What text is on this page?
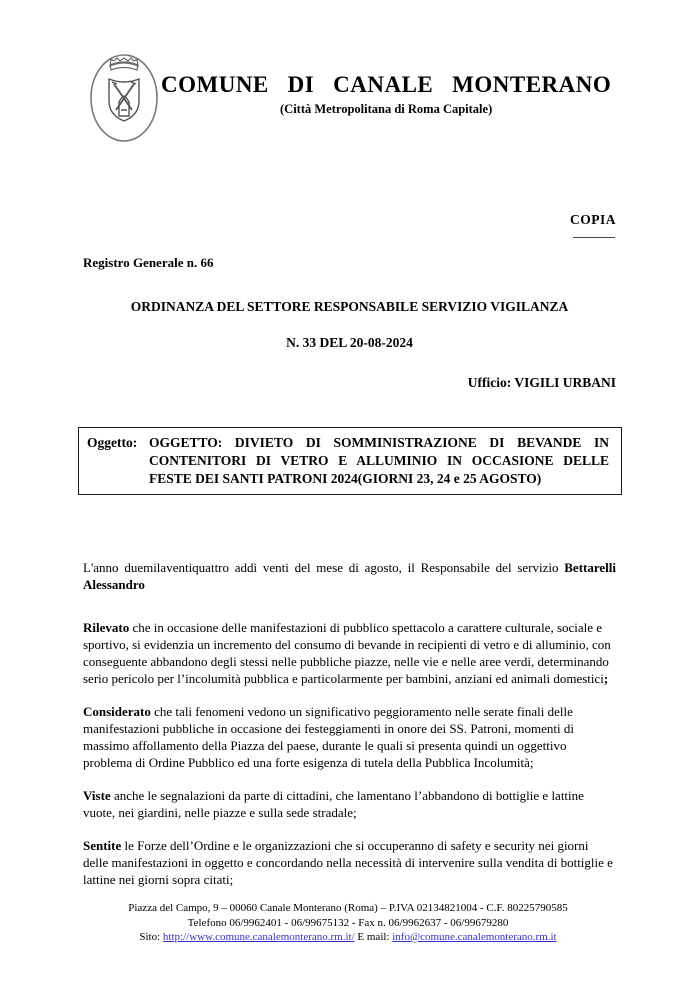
COMUNE DI CANALE MONTERANO
(Città Metropolitana di Roma Capitale)
COPIA
Registro Generale n. 66
ORDINANZA DEL SETTORE RESPONSABILE SERVIZIO VIGILANZA
N. 33 DEL 20-08-2024
Ufficio: VIGILI URBANI
Oggetto: OGGETTO: DIVIETO DI SOMMINISTRAZIONE DI BEVANDE IN CONTENITORI DI VETRO E ALLUMINIO IN OCCASIONE DELLE FESTE DEI SANTI PATRONI 2024(GIORNI 23, 24 e 25 AGOSTO)

L'anno duemilaventiquattro addì venti del mese di agosto, il Responsabile del servizio Bettarelli Alessandro

Rilevato che in occasione delle manifestazioni di pubblico spettacolo a carattere culturale, sociale e sportivo, si evidenzia un incremento del consumo di bevande in recipienti di vetro e di alluminio, con conseguente abbandono degli stessi nelle pubbliche piazze, nelle vie e nelle aree verdi, determinando serio pericolo per l’incolumità pubblica e particolarmente per bambini, anziani ed animali domestici;

Considerato che tali fenomeni vedono un significativo peggioramento nelle serate finali delle manifestazioni pubbliche in occasione dei festeggiamenti in onore dei SS. Patroni, momenti di massimo affollamento della Piazza del paese, durante le quali si presenta quindi un oggettivo problema di Ordine Pubblico ed una forte esigenza di tutela della Pubblica Incolumità;

Viste anche le segnalazioni da parte di cittadini, che lamentano l’abbandono di bottiglie e lattine vuote, nei giardini, nelle piazze e sulla sede stradale;

Sentite le Forze dell’Ordine e le organizzazioni che si occuperanno di safety e security nei giorni delle manifestazioni in oggetto e concordando nella necessità di intervenire sulla vendita di bottiglie e lattine nei giorni sopra citati;

Piazza del Campo, 9 – 00060 Canale Monterano (Roma) – P.IVA 02134821004 - C.F. 80225790585
Telefono 06/9962401 - 06/99675132 - Fax n. 06/9962637 - 06/99679280
Sito: http://www.comune.canalemonterano.rm.it/ E mail: info@comune.canalemonterano.rm.it
